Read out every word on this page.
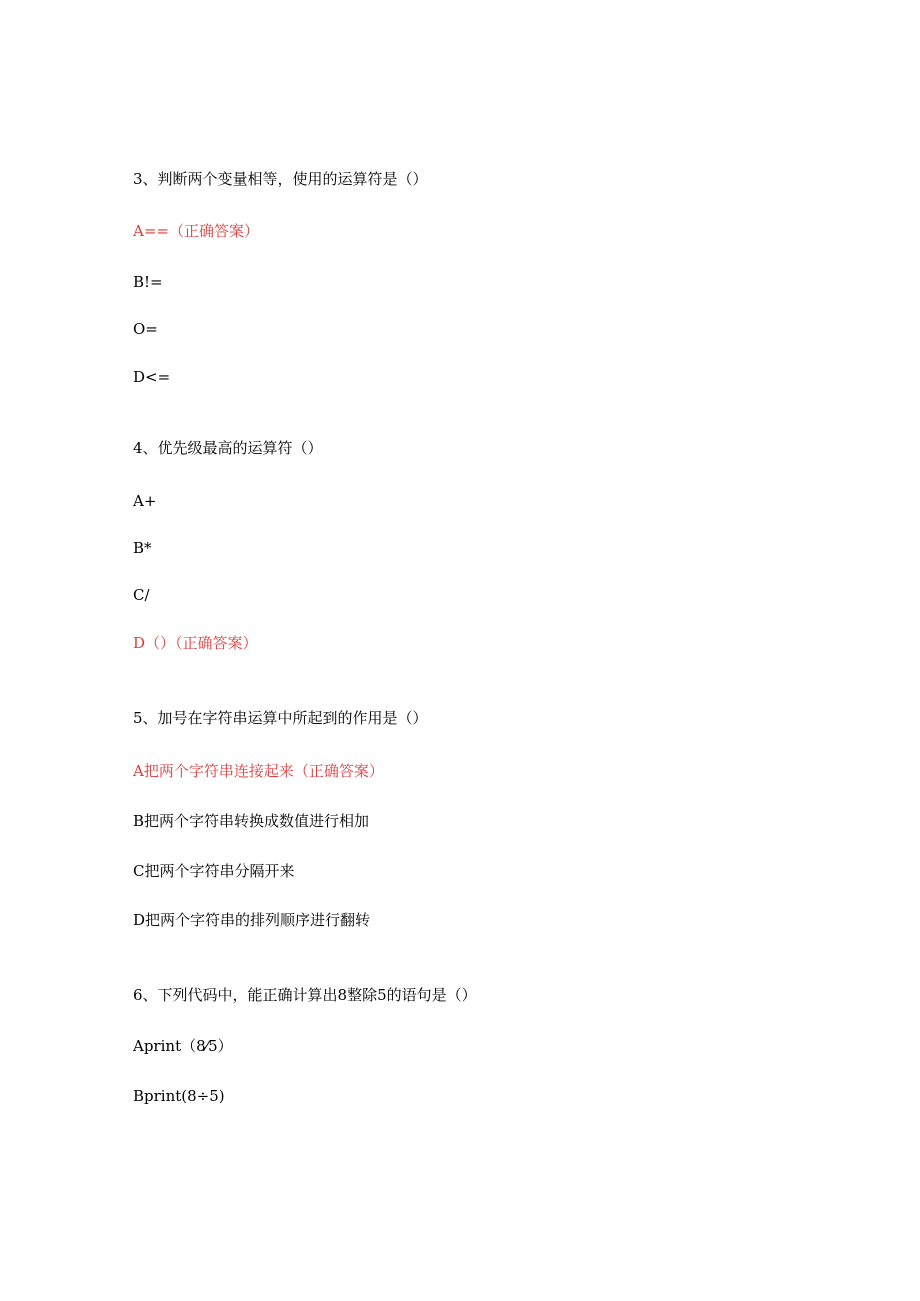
3、判断两个变量相等，使用的运算符是（）
A==（正确答案）
B!=
O=
D<=
4、优先级最高的运算符（）
A+
B*
C/
D（）（正确答案）
5、加号在字符串运算中所起到的作用是（）
A把两个字符串连接起来（正确答案）
B把两个字符串转换成数值进行相加
C把两个字符串分隔开来
D把两个字符串的排列顺序进行翻转
6、下列代码中，能正确计算出8整除5的语句是（）
Aprint（8⁄5）
Bprint(8÷5)
